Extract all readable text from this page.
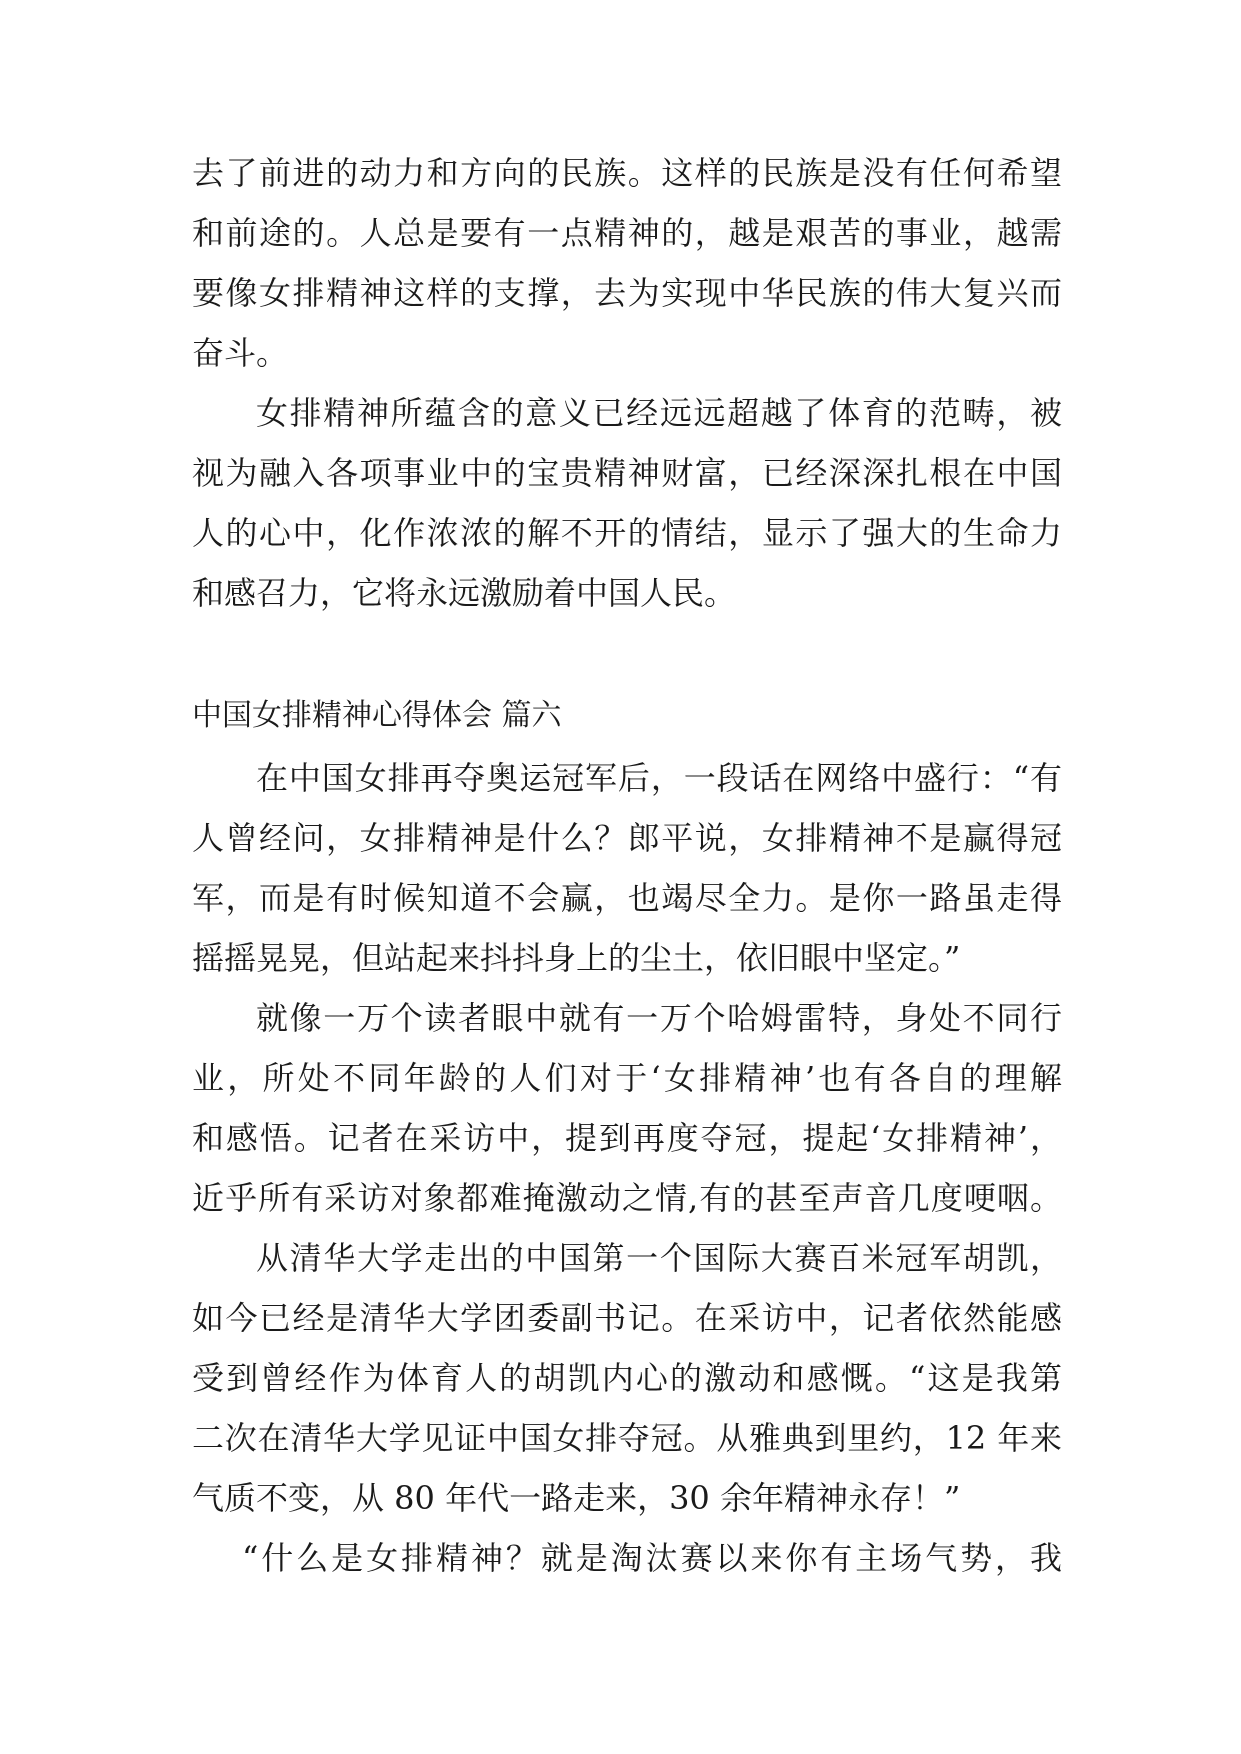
去了前进的动力和方向的民族。这样的民族是没有任何希望
和前途的。人总是要有一点精神的，越是艰苦的事业，越需
要像女排精神这样的支撑，去为实现中华民族的伟大复兴而
奋斗。
女排精神所蕴含的意义已经远远超越了体育的范畴，被
视为融入各项事业中的宝贵精神财富，已经深深扎根在中国
人的心中，化作浓浓的解不开的情结，显示了强大的生命力
和感召力，它将永远激励着中国人民。
中国女排精神心得体会 篇六
在中国女排再夺奥运冠军后，一段话在网络中盛行：“有
人曾经问，女排精神是什么？郎平说，女排精神不是赢得冠
军，而是有时候知道不会赢，也竭尽全力。是你一路虽走得
摇摇晃晃，但站起来抖抖身上的尘土，依旧眼中坚定。”
就像一万个读者眼中就有一万个哈姆雷特，身处不同行
业，所处不同年龄的人们对于‘女排精神’也有各自的理解
和感悟。记者在采访中，提到再度夺冠，提起‘女排精神’，
近乎所有采访对象都难掩激动之情,有的甚至声音几度哽咽。
从清华大学走出的中国第一个国际大赛百米冠军胡凯，
如今已经是清华大学团委副书记。在采访中，记者依然能感
受到曾经作为体育人的胡凯内心的激动和感慨。“这是我第
二次在清华大学见证中国女排夺冠。从雅典到里约，12 年来
气质不变，从 80 年代一路走来，30 余年精神永存！”
“什么是女排精神？就是淘汰赛以来你有主场气势，我
